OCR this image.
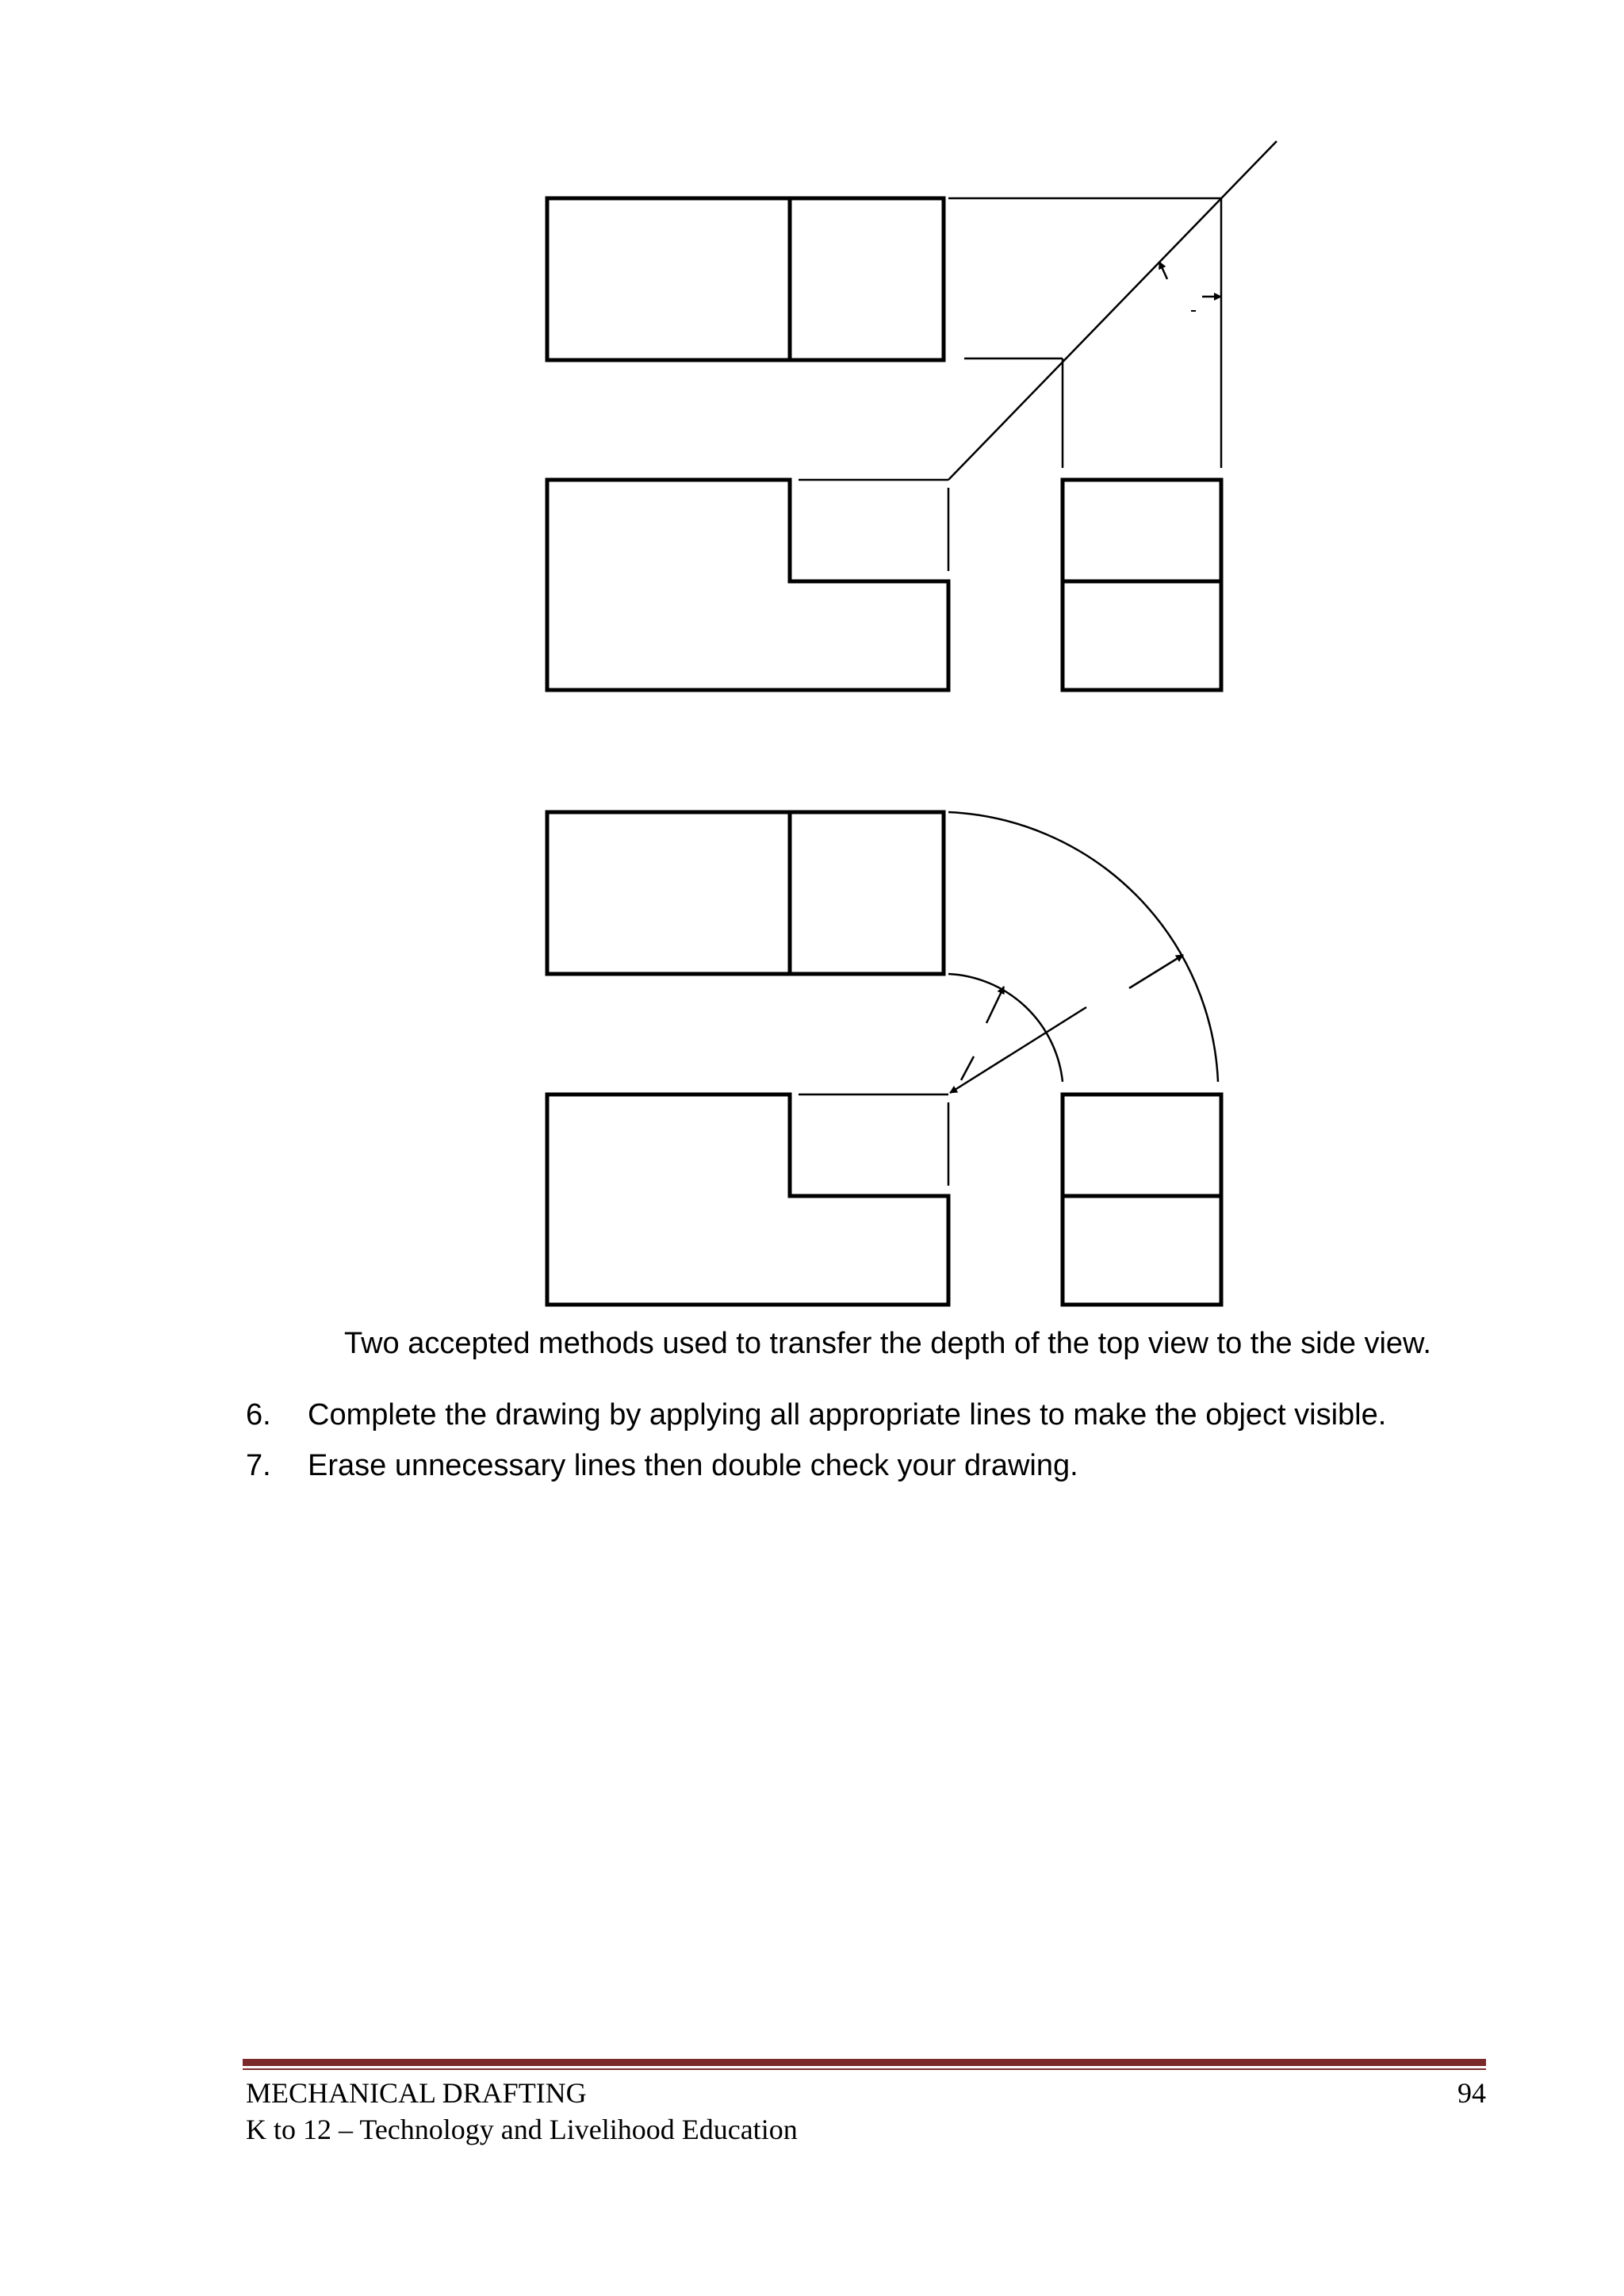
Two accepted methods used to transfer the depth of the top view to the side view.
6. Complete the drawing by applying all appropriate lines to make the object visible.
7. Erase unnecessary lines then double check your drawing.
MECHANICAL DRAFTING
K to 12 – Technology and Livelihood Education
94
